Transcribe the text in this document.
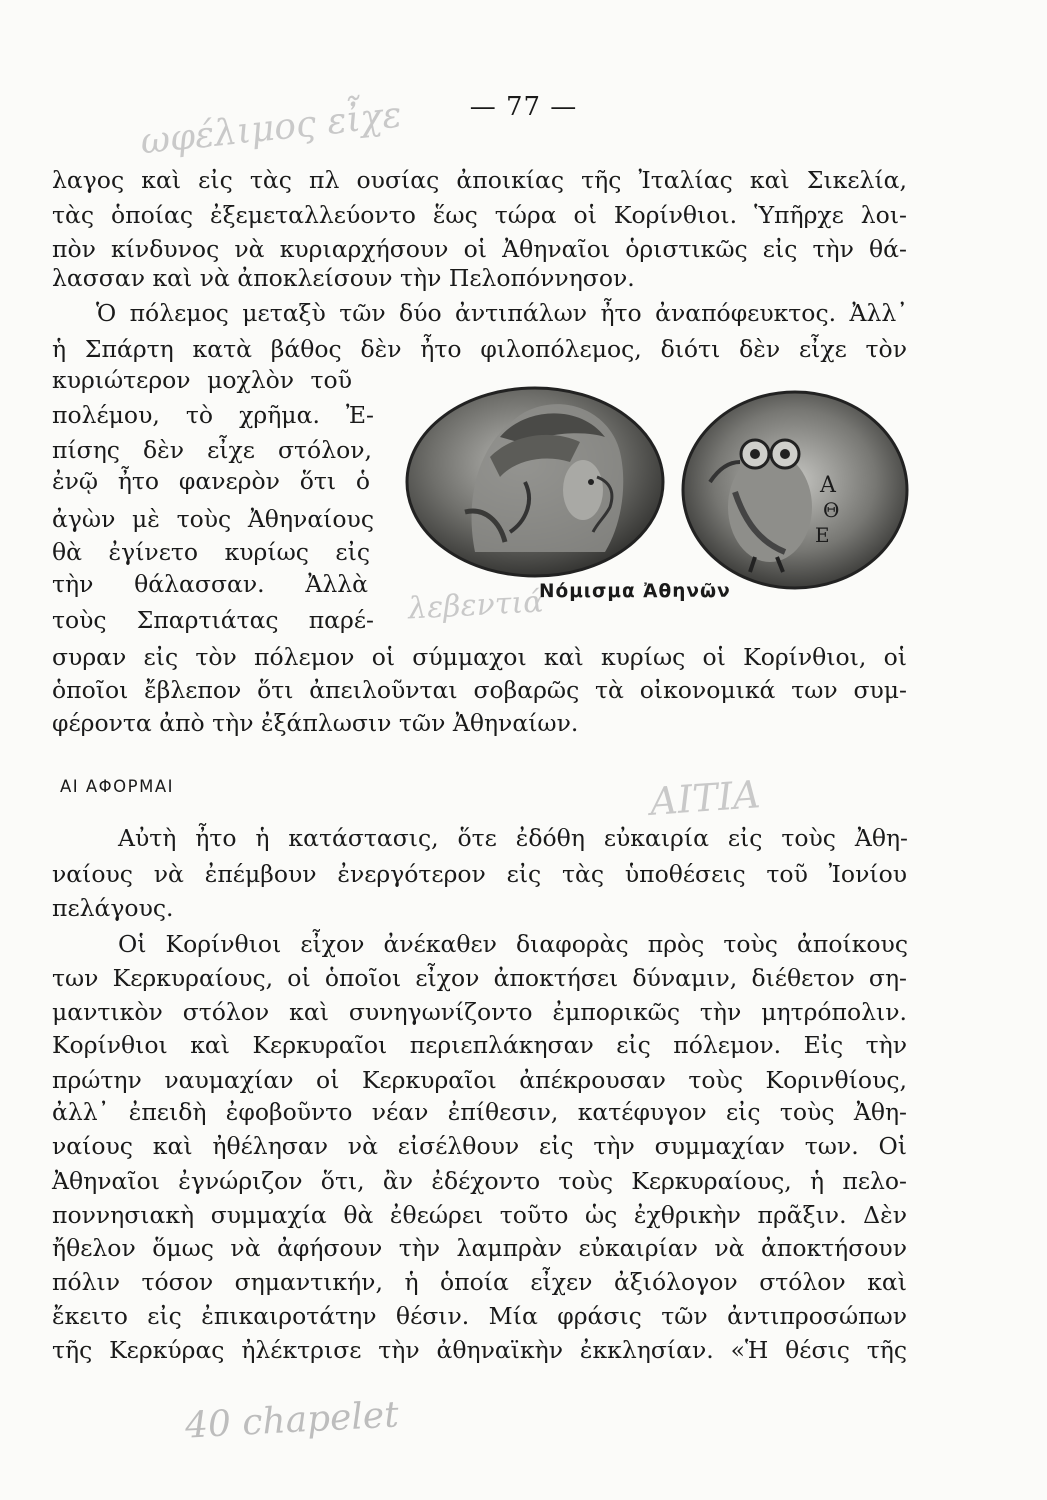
ωφέλιμος εἶχε
λεβεντιά
ΑΙΤΙΑ
40 chapelet
— 77 —
λαγος καὶ εἰς τὰς πλ ουσίας ἀποικίας τῆς Ἰταλίας καὶ Σικελία,
τὰς ὁποίας ἐξεμεταλλεύοντο ἕως τώρα οἱ Κορίνθιοι. Ὑπῆρχε λοι-
πὸν κίνδυνος νὰ κυριαρχήσουν οἱ Ἀθηναῖοι ὁριστικῶς εἰς τὴν θά-
λασσαν καὶ νὰ ἀποκλείσουν τὴν Πελοπόννησον.
Ὁ πόλεμος μεταξὺ τῶν δύο ἀντιπάλων ἦτο ἀναπόφευκτος. Ἀλλ᾽
ἡ Σπάρτη κατὰ βάθος δὲν ἦτο φιλοπόλεμος, διότι δὲν εἶχε τὸν
κυριώτερον μοχλὸν τοῦ
πολέμου, τὸ χρῆμα. Ἐ-
πίσης δὲν εἶχε στόλον,
ἐνῷ ἦτο φανερὸν ὅτι ὁ
ἀγὼν μὲ τοὺς Ἀθηναίους
θὰ ἐγίνετο κυρίως εἰς
τὴν θάλασσαν. Ἀλλὰ
τοὺς Σπαρτιάτας παρέ-
συραν εἰς τὸν πόλεμον οἱ σύμμαχοι καὶ κυρίως οἱ Κορίνθιοι, οἱ
ὁποῖοι ἔβλεπον ὅτι ἀπειλοῦνται σοβαρῶς τὰ οἰκονομικά των συμ-
φέροντα ἀπὸ τὴν ἐξάπλωσιν τῶν Ἀθηναίων.
Α
Θ
Ε
Νόμισμα Ἀθηνῶν
ΑΙ ΑΦΟΡΜΑΙ
Αὐτὴ ἦτο ἡ κατάστασις, ὅτε ἐδόθη εὐκαιρία εἰς τοὺς Ἀθη-
ναίους νὰ ἐπέμβουν ἐνεργότερον εἰς τὰς ὑποθέσεις τοῦ Ἰονίου
πελάγους.
Οἱ Κορίνθιοι εἶχον ἀνέκαθεν διαφορὰς πρὸς τοὺς ἀποίκους
των Κερκυραίους, οἱ ὁποῖοι εἶχον ἀποκτήσει δύναμιν, διέθετον ση-
μαντικὸν στόλον καὶ συνηγωνίζοντο ἐμπορικῶς τὴν μητρόπολιν.
Κορίνθιοι καὶ Κερκυραῖοι περιεπλάκησαν εἰς πόλεμον. Εἰς τὴν
πρώτην ναυμαχίαν οἱ Κερκυραῖοι ἀπέκρουσαν τοὺς Κορινθίους,
ἀλλ᾽ ἐπειδὴ ἐφοβοῦντο νέαν ἐπίθεσιν, κατέφυγον εἰς τοὺς Ἀθη-
ναίους καὶ ἠθέλησαν νὰ εἰσέλθουν εἰς τὴν συμμαχίαν των. Οἱ
Ἀθηναῖοι ἐγνώριζον ὅτι, ἂν ἐδέχοντο τοὺς Κερκυραίους, ἡ πελο-
ποννησιακὴ συμμαχία θὰ ἐθεώρει τοῦτο ὡς ἐχθρικὴν πρᾶξιν. Δὲν
ἤθελον ὅμως νὰ ἀφήσουν τὴν λαμπρὰν εὐκαιρίαν νὰ ἀποκτήσουν
πόλιν τόσον σημαντικήν, ἡ ὁποία εἶχεν ἀξιόλογον στόλον καὶ
ἔκειτο εἰς ἐπικαιροτάτην θέσιν. Μία φράσις τῶν ἀντιπροσώπων
τῆς Κερκύρας ἠλέκτρισε τὴν ἀθηναϊκὴν ἐκκλησίαν. «Ἡ θέσις τῆς
